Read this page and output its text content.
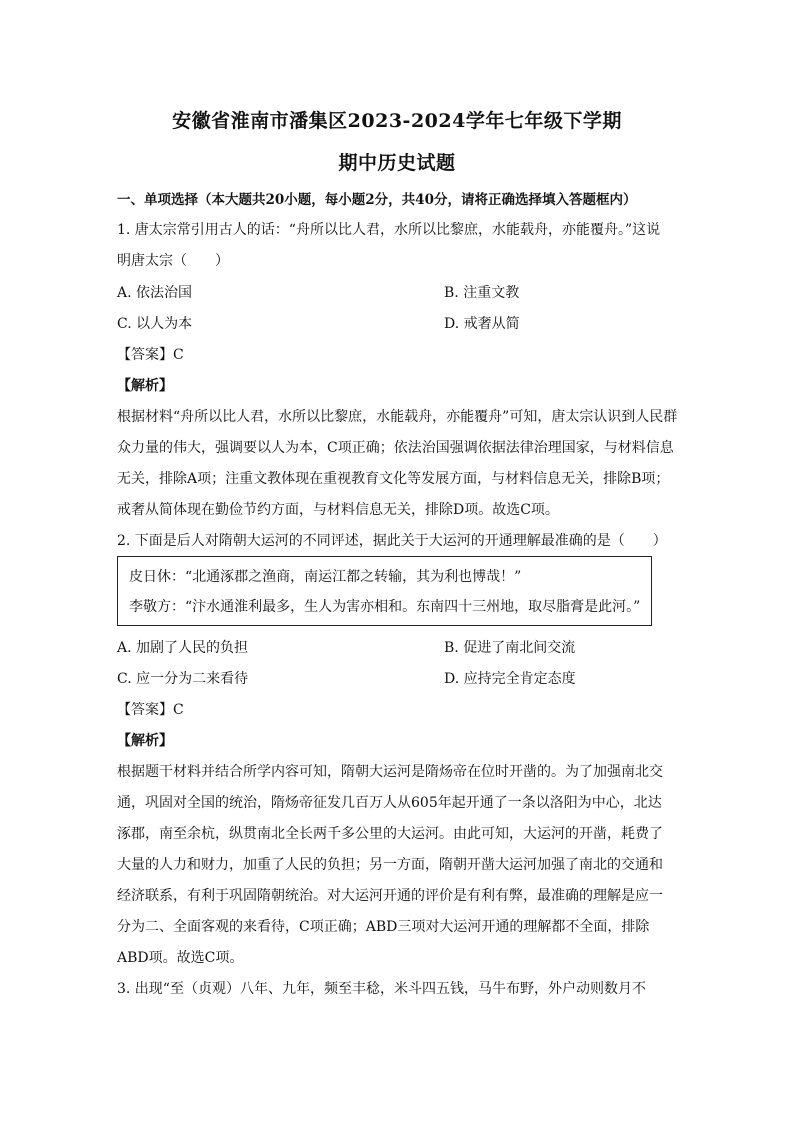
安徽省淮南市潘集区2023-2024学年七年级下学期
期中历史试题
一、单项选择（本大题共20小题，每小题2分，共40分，请将正确选择填入答题框内）
1. 唐太宗常引用古人的话：“舟所以比人君，水所以比黎庶，水能载舟，亦能覆舟。”这说
明唐太宗（　　）
A. 依法治国	B. 注重文教
C. 以人为本	D. 戒奢从简
【答案】C
【解析】
根据材料“舟所以比人君，水所以比黎庶，水能载舟，亦能覆舟”可知，唐太宗认识到人民群
众力量的伟大，强调要以人为本，C项正确；依法治国强调依据法律治理国家，与材料信息
无关，排除A项；注重文教体现在重视教育文化等发展方面，与材料信息无关，排除B项；
戒奢从简体现在勤俭节约方面，与材料信息无关，排除D项。故选C项。
2. 下面是后人对隋朝大运河的不同评述，据此关于大运河的开通理解最准确的是（　　）
皮日休：“北通涿郡之渔商，南运江都之转输，其为利也博哉！”
李敬方：“汴水通淮利最多，生人为害亦相和。东南四十三州地，取尽脂膏是此河。”
A. 加剧了人民的负担	B. 促进了南北间交流
C. 应一分为二来看待	D. 应持完全肯定态度
【答案】C
【解析】
根据题干材料并结合所学内容可知，隋朝大运河是隋炀帝在位时开凿的。为了加强南北交
通，巩固对全国的统治，隋炀帝征发几百万人从605年起开通了一条以洛阳为中心，北达
涿郡，南至余杭，纵贯南北全长两千多公里的大运河。由此可知，大运河的开凿，耗费了
大量的人力和财力，加重了人民的负担；另一方面，隋朝开凿大运河加强了南北的交通和
经济联系，有利于巩固隋朝统治。对大运河开通的评价是有利有弊，最准确的理解是应一
分为二、全面客观的来看待，C项正确；ABD三项对大运河开通的理解都不全面，排除
ABD项。故选C项。
3. 出现“至（贞观）八年、九年，频至丰稔，米斗四五钱，马牛布野，外户动则数月不
